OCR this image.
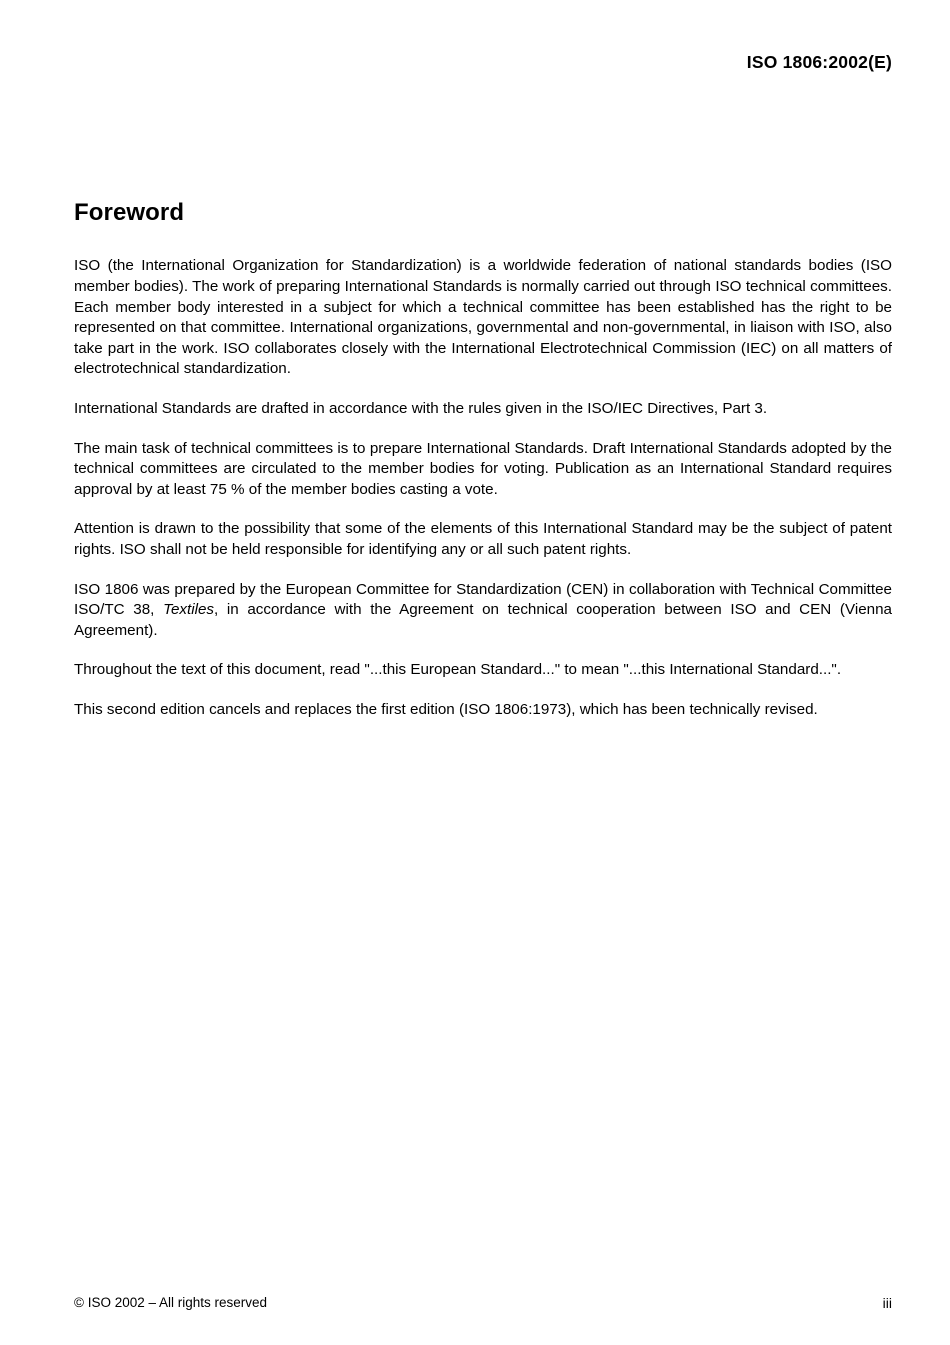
ISO 1806:2002(E)
Foreword

ISO (the International Organization for Standardization) is a worldwide federation of national standards bodies (ISO member bodies). The work of preparing International Standards is normally carried out through ISO technical committees. Each member body interested in a subject for which a technical committee has been established has the right to be represented on that committee. International organizations, governmental and non-governmental, in liaison with ISO, also take part in the work. ISO collaborates closely with the International Electrotechnical Commission (IEC) on all matters of electrotechnical standardization.

International Standards are drafted in accordance with the rules given in the ISO/IEC Directives, Part 3.

The main task of technical committees is to prepare International Standards. Draft International Standards adopted by the technical committees are circulated to the member bodies for voting. Publication as an International Standard requires approval by at least 75 % of the member bodies casting a vote.

Attention is drawn to the possibility that some of the elements of this International Standard may be the subject of patent rights. ISO shall not be held responsible for identifying any or all such patent rights.

ISO 1806 was prepared by the European Committee for Standardization (CEN) in collaboration with Technical Committee ISO/TC 38, Textiles, in accordance with the Agreement on technical cooperation between ISO and CEN (Vienna Agreement).

Throughout the text of this document, read "...this European Standard..." to mean "...this International Standard...".

This second edition cancels and replaces the first edition (ISO 1806:1973), which has been technically revised.

© ISO 2002 – All rights reserved	iii
